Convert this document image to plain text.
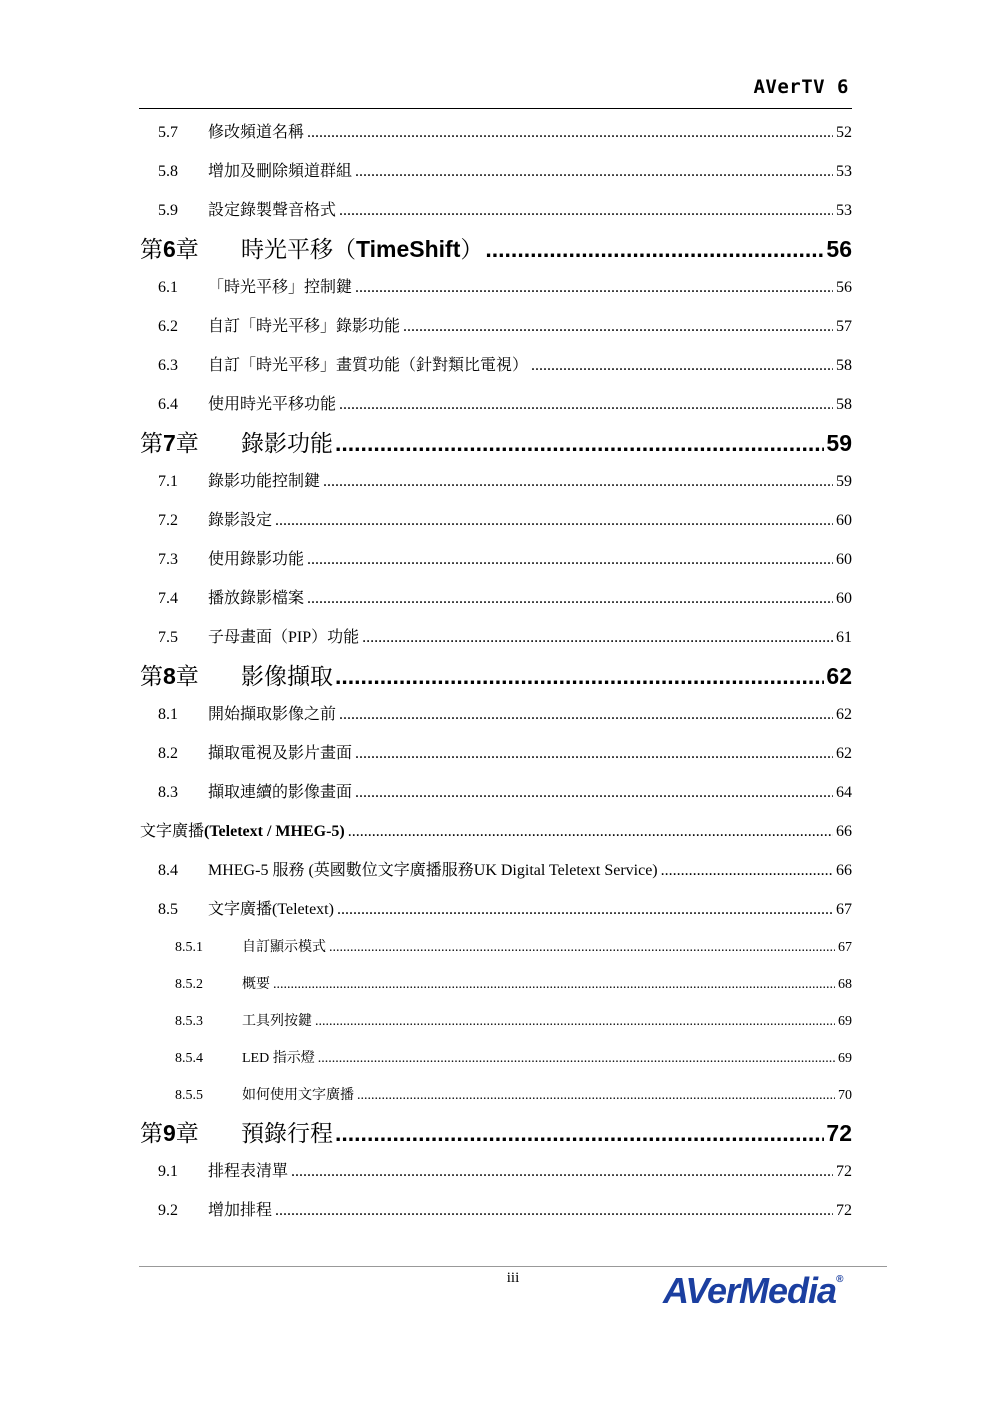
AVerTV 6
5.7	修改頻道名稱 .....	52
5.8	增加及刪除頻道群組 .....	53
5.9	設定錄製聲音格式 .....	53
第6章	時光平移（TimeShift） .....	56
6.1	「時光平移」控制鍵 .....	56
6.2	自訂「時光平移」錄影功能 .....	57
6.3	自訂「時光平移」畫質功能（針對類比電視） .....	58
6.4	使用時光平移功能 .....	58
第7章	錄影功能 .....	59
7.1	錄影功能控制鍵 .....	59
7.2	錄影設定 .....	60
7.3	使用錄影功能 .....	60
7.4	播放錄影檔案 .....	60
7.5	子母畫面（PIP）功能 .....	61
第8章	影像擷取 .....	62
8.1	開始擷取影像之前 .....	62
8.2	擷取電視及影片畫面 .....	62
8.3	擷取連續的影像畫面 .....	64
文字廣播(Teletext / MHEG-5) .....	66
8.4	MHEG-5 服務 (英國數位文字廣播服務UK Digital Teletext Service) .....	66
8.5	文字廣播(Teletext) .....	67
8.5.1	自訂顯示模式 .....	67
8.5.2	概要 .....	68
8.5.3	工具列按鍵 .....	69
8.5.4	LED 指示燈 .....	69
8.5.5	如何使用文字廣播 .....	70
第9章	預錄行程 .....	72
9.1	排程表清單 .....	72
9.2	增加排程 .....	72
iii	AVerMedia®
